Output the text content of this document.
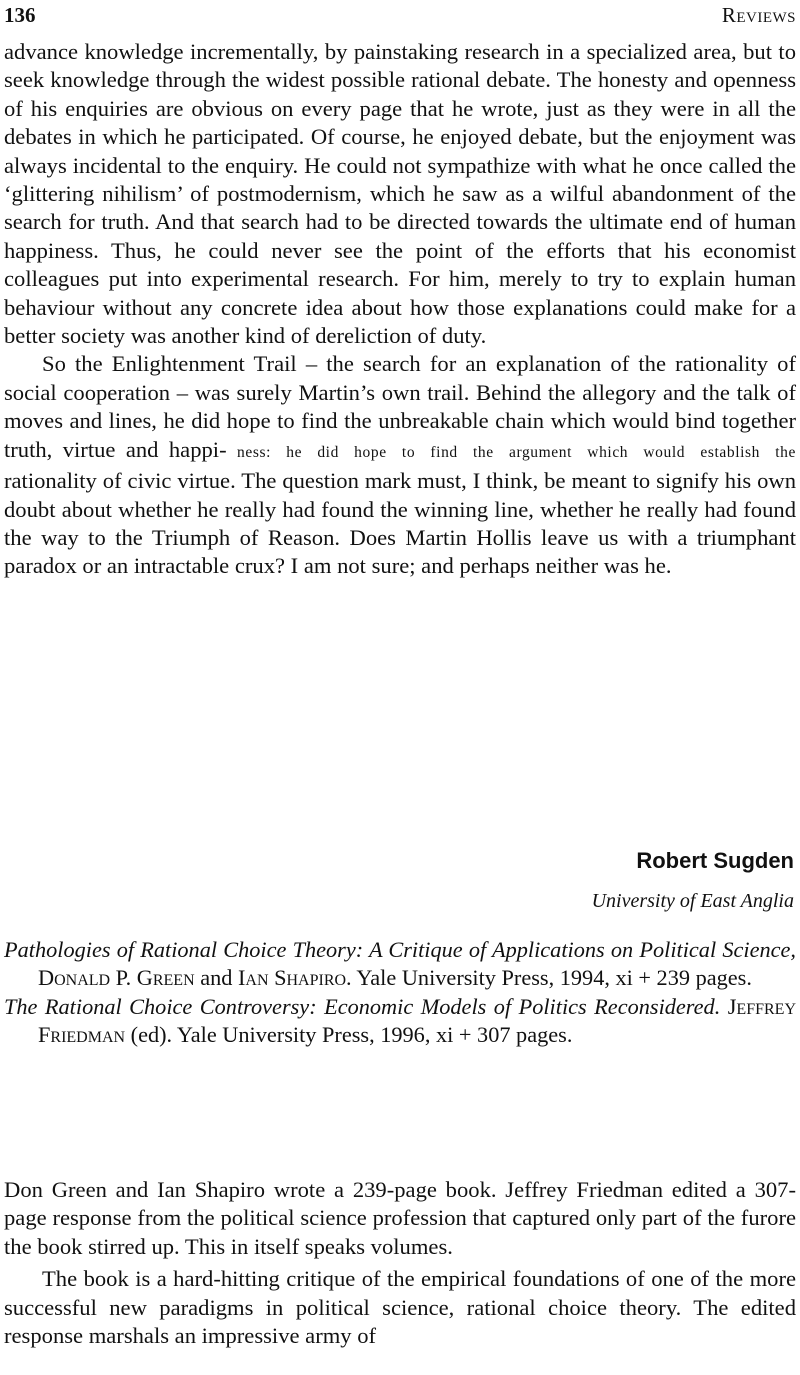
136	Reviews

advance knowledge incrementally, by painstaking research in a specialized area, but to seek knowledge through the widest possible rational debate. The honesty and openness of his enquiries are obvious on every page that he wrote, just as they were in all the debates in which he participated. Of course, he enjoyed debate, but the enjoyment was always incidental to the enquiry. He could not sympathize with what he once called the ‘glittering nihilism’ of postmodernism, which he saw as a wilful abandonment of the search for truth. And that search had to be directed towards the ultimate end of human happiness. Thus, he could never see the point of the efforts that his economist colleagues put into experimental research. For him, merely to try to explain human behaviour without any concrete idea about how those explanations could make for a better society was another kind of dereliction of duty.

So the Enlightenment Trail – the search for an explanation of the rationality of social cooperation – was surely Martin’s own trail. Behind the allegory and the talk of moves and lines, he did hope to find the unbreakable chain which would bind together truth, virtue and happi- ness: he did hope to find the argument which would establish the rationality of civic virtue. The question mark must, I think, be meant to signify his own doubt about whether he really had found the winning line, whether he really had found the way to the Triumph of Reason. Does Martin Hollis leave us with a triumphant paradox or an intractable crux? I am not sure; and perhaps neither was he.

Robert Sugden
University of East Anglia

Pathologies of Rational Choice Theory: A Critique of Applications on Political Science, Donald P. Green and Ian Shapiro. Yale University Press, 1994, xi + 239 pages.

The Rational Choice Controversy: Economic Models of Politics Reconsidered. Jeffrey Friedman (ed). Yale University Press, 1996, xi + 307 pages.

Don Green and Ian Shapiro wrote a 239-page book. Jeffrey Friedman edited a 307-page response from the political science profession that captured only part of the furore the book stirred up. This in itself speaks volumes.

The book is a hard-hitting critique of the empirical foundations of one of the more successful new paradigms in political science, rational choice theory. The edited response marshals an impressive army of
